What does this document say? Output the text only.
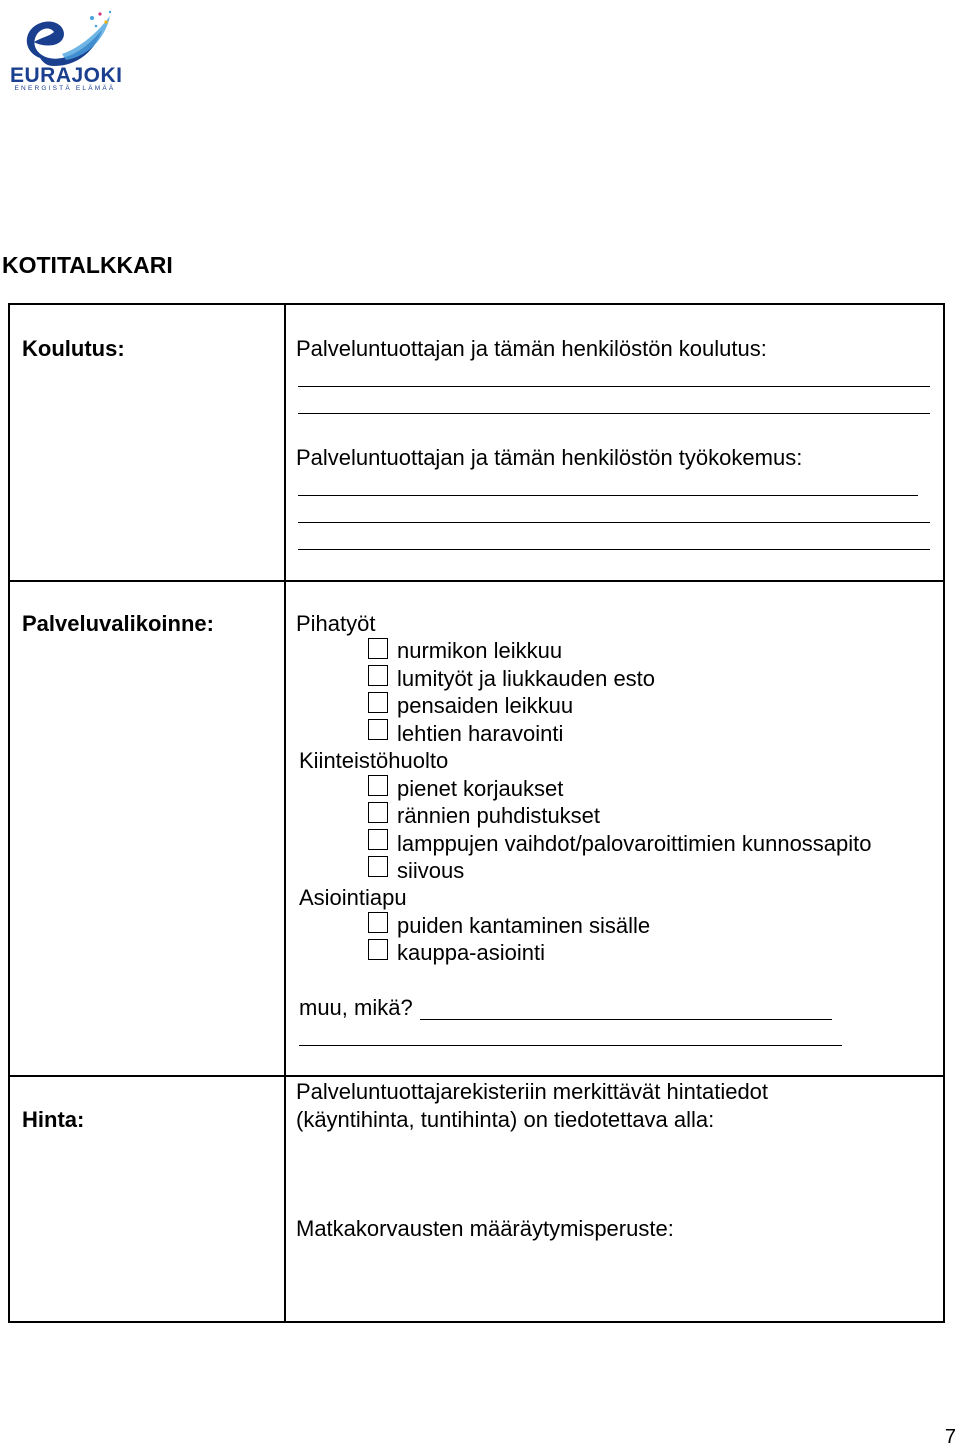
EURAJOKI
ENERGISTÄ ELÄMÄÄ
KOTITALKKARI
Koulutus:	Palveluntuottajan ja tämän henkilöstön koulutus:
Palveluntuottajan ja tämän henkilöstön työkokemus:
Palveluvalikoinne:	Pihatyöt
nurmikon leikkuu
lumityöt ja liukkauden esto
pensaiden leikkuu
lehtien haravointi
Kiinteistöhuolto
pienet korjaukset
rännien puhdistukset
lamppujen vaihdot/palovaroittimien kunnossapito
siivous
Asiointiapu
puiden kantaminen sisälle
kauppa-asiointi
muu, mikä?
Hinta:
Palveluntuottajarekisteriin merkittävät hintatiedot
(käyntihinta, tuntihinta) on tiedotettava alla:
Matkakorvausten määräytymisperuste:
7
